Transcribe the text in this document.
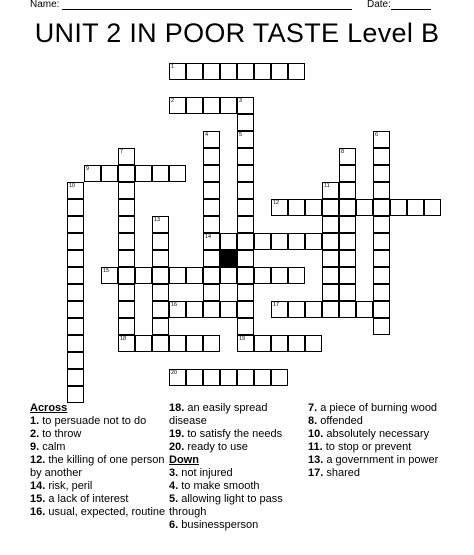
Name:	Date:
UNIT 2 IN POOR TASTE Level B
1
2	3
5
19
4
14
6
7
18
8
9
10	11
12
13
15
16	17
20
Across
1. to persuade not to do
2. to throw
9. calm
12. the killing of one person by another
14. risk, peril
15. a lack of interest
16. usual, expected, routine
18. an easily spread disease
19. to satisfy the needs
20. ready to use
Down
3. not injured
4. to make smooth
5. allowing light to pass through
6. businessperson
7. a piece of burning wood
8. offended
10. absolutely necessary
11. to stop or prevent
13. a government in power
17. shared
